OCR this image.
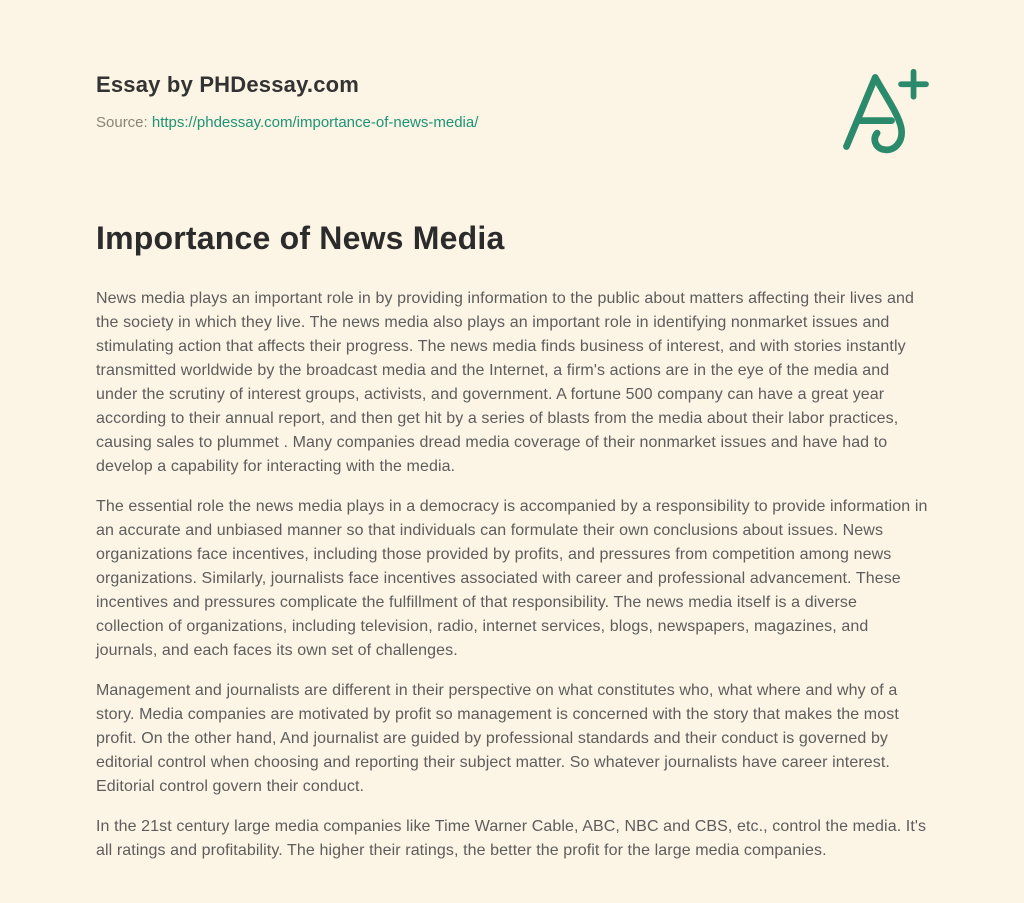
Essay by PHDessay.com
Source: https://phdessay.com/importance-of-news-media/
Importance of News Media

News media plays an important role in by providing information to the public about matters affecting their lives and the society in which they live. The news media also plays an important role in identifying nonmarket issues and stimulating action that affects their progress. The news media finds business of interest, and with stories instantly transmitted worldwide by the broadcast media and the Internet, a firm's actions are in the eye of the media and under the scrutiny of interest groups, activists, and government. A fortune 500 company can have a great year according to their annual report, and then get hit by a series of blasts from the media about their labor practices, causing sales to plummet . Many companies dread media coverage of their nonmarket issues and have had to develop a capability for interacting with the media.

The essential role the news media plays in a democracy is accompanied by a responsibility to provide information in an accurate and unbiased manner so that individuals can formulate their own conclusions about issues. News organizations face incentives, including those provided by profits, and pressures from competition among news organizations. Similarly, journalists face incentives associated with career and professional advancement. These incentives and pressures complicate the fulfillment of that responsibility. The news media itself is a diverse collection of organizations, including television, radio, internet services, blogs, newspapers, magazines, and journals, and each faces its own set of challenges.

Management and journalists are different in their perspective on what constitutes who, what where and why of a story. Media companies are motivated by profit so management is concerned with the story that makes the most profit. On the other hand, And journalist are guided by professional standards and their conduct is governed by editorial control when choosing and reporting their subject matter. So whatever journalists have career interest. Editorial control govern their conduct.

In the 21st century large media companies like Time Warner Cable, ABC, NBC and CBS, etc., control the media. It's all ratings and profitability. The higher their ratings, the better the profit for the large media companies.
